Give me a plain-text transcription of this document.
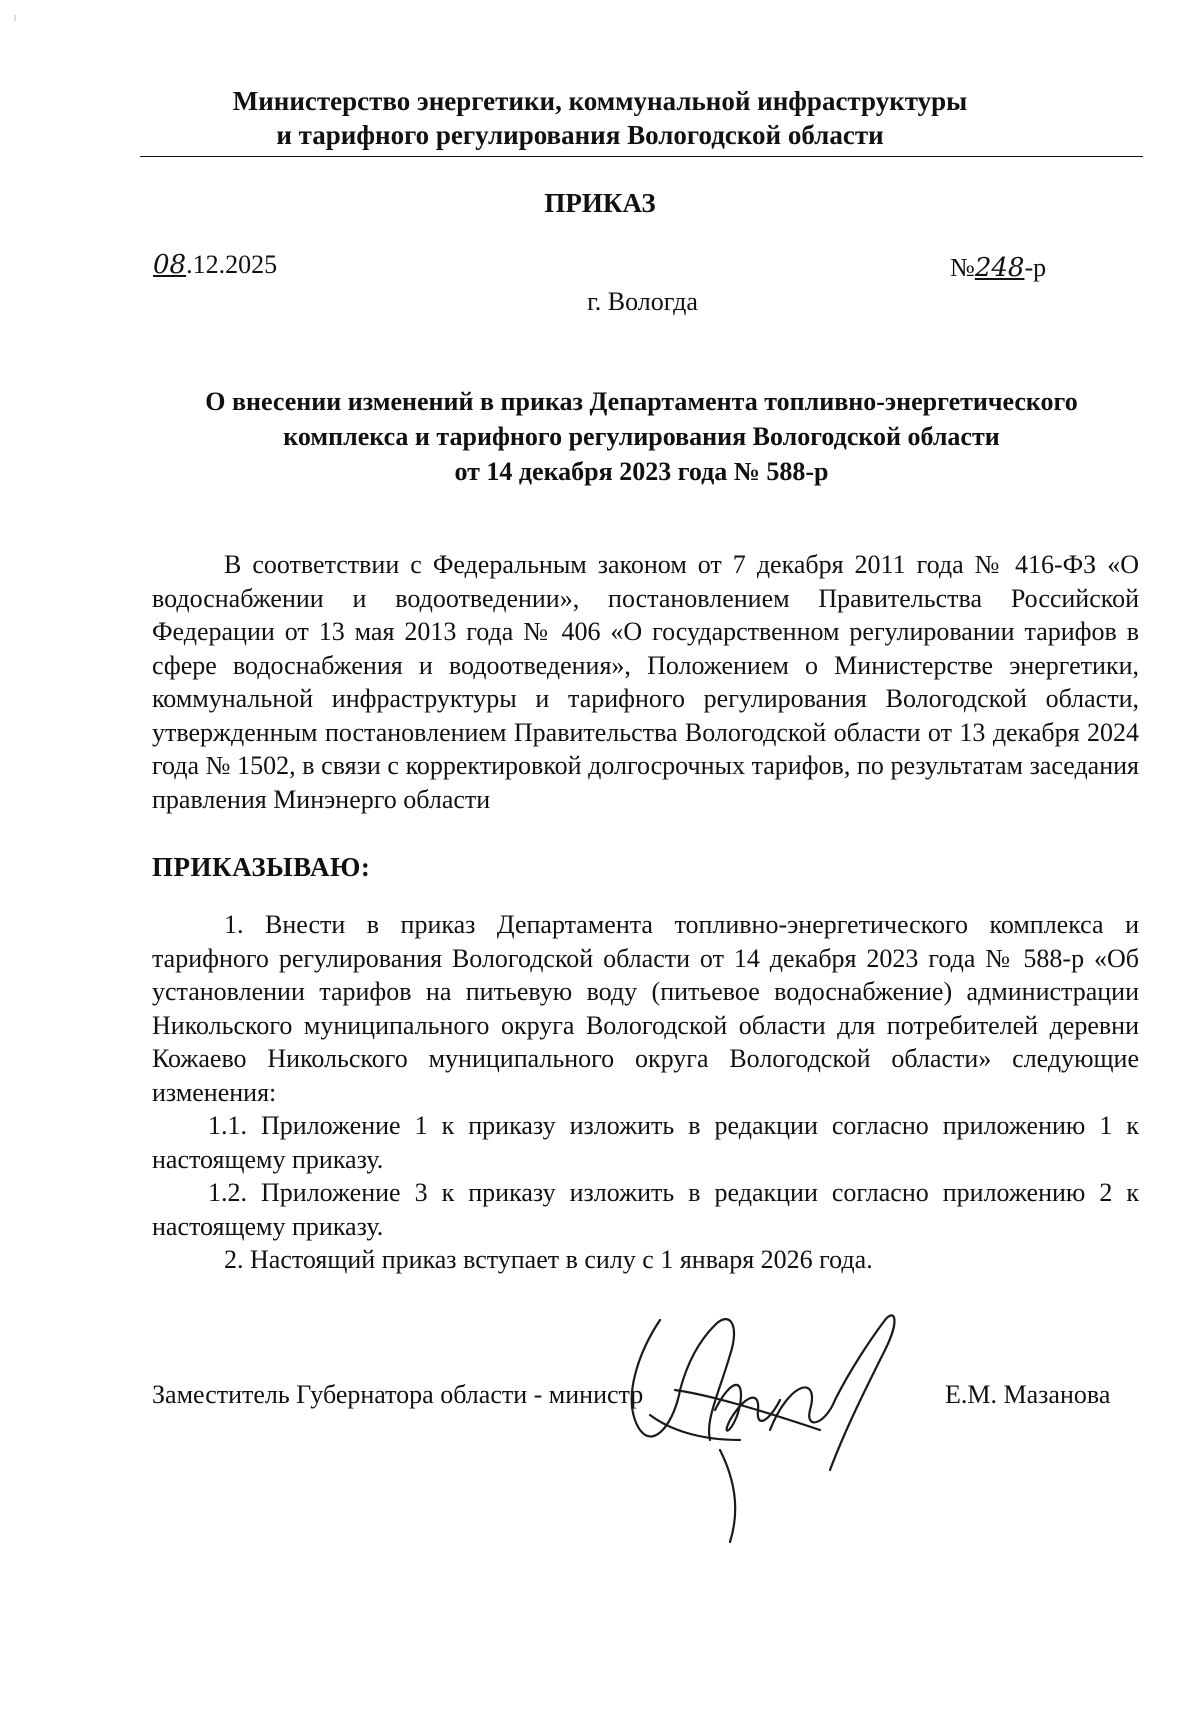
Министерство энергетики, коммунальной инфраструктуры
и тарифного регулирования Вологодской области
ПРИКАЗ
08.12.2025	№248-р
г. Вологда
О внесении изменений в приказ Департамента топливно-энергетического
комплекса и тарифного регулирования Вологодской области
от 14 декабря 2023 года № 588-р
В соответствии с Федеральным законом от 7 декабря 2011 года № 416-ФЗ «О водоснабжении и водоотведении», постановлением Правительства Российской Федерации от 13 мая 2013 года № 406 «О государственном регулировании тарифов в сфере водоснабжения и водоотведения», Положением о Министерстве энергетики, коммунальной инфраструктуры и тарифного регулирования Вологодской области, утвержденным постановлением Правительства Вологодской области от 13 декабря 2024 года № 1502, в связи с корректировкой долгосрочных тарифов, по результатам заседания правления Минэнерго области
ПРИКАЗЫВАЮ:
1. Внести в приказ Департамента топливно-энергетического комплекса и тарифного регулирования Вологодской области от 14 декабря 2023 года № 588-р «Об установлении тарифов на питьевую воду (питьевое водоснабжение) администрации Никольского муниципального округа Вологодской области для потребителей деревни Кожаево Никольского муниципального округа Вологодской области» следующие изменения:
1.1. Приложение 1 к приказу изложить в редакции согласно приложению 1 к настоящему приказу.
1.2. Приложение 3 к приказу изложить в редакции согласно приложению 2 к настоящему приказу.
2. Настоящий приказ вступает в силу с 1 января 2026 года.
Заместитель Губернатора области - министр	Е.М. Мазанова
